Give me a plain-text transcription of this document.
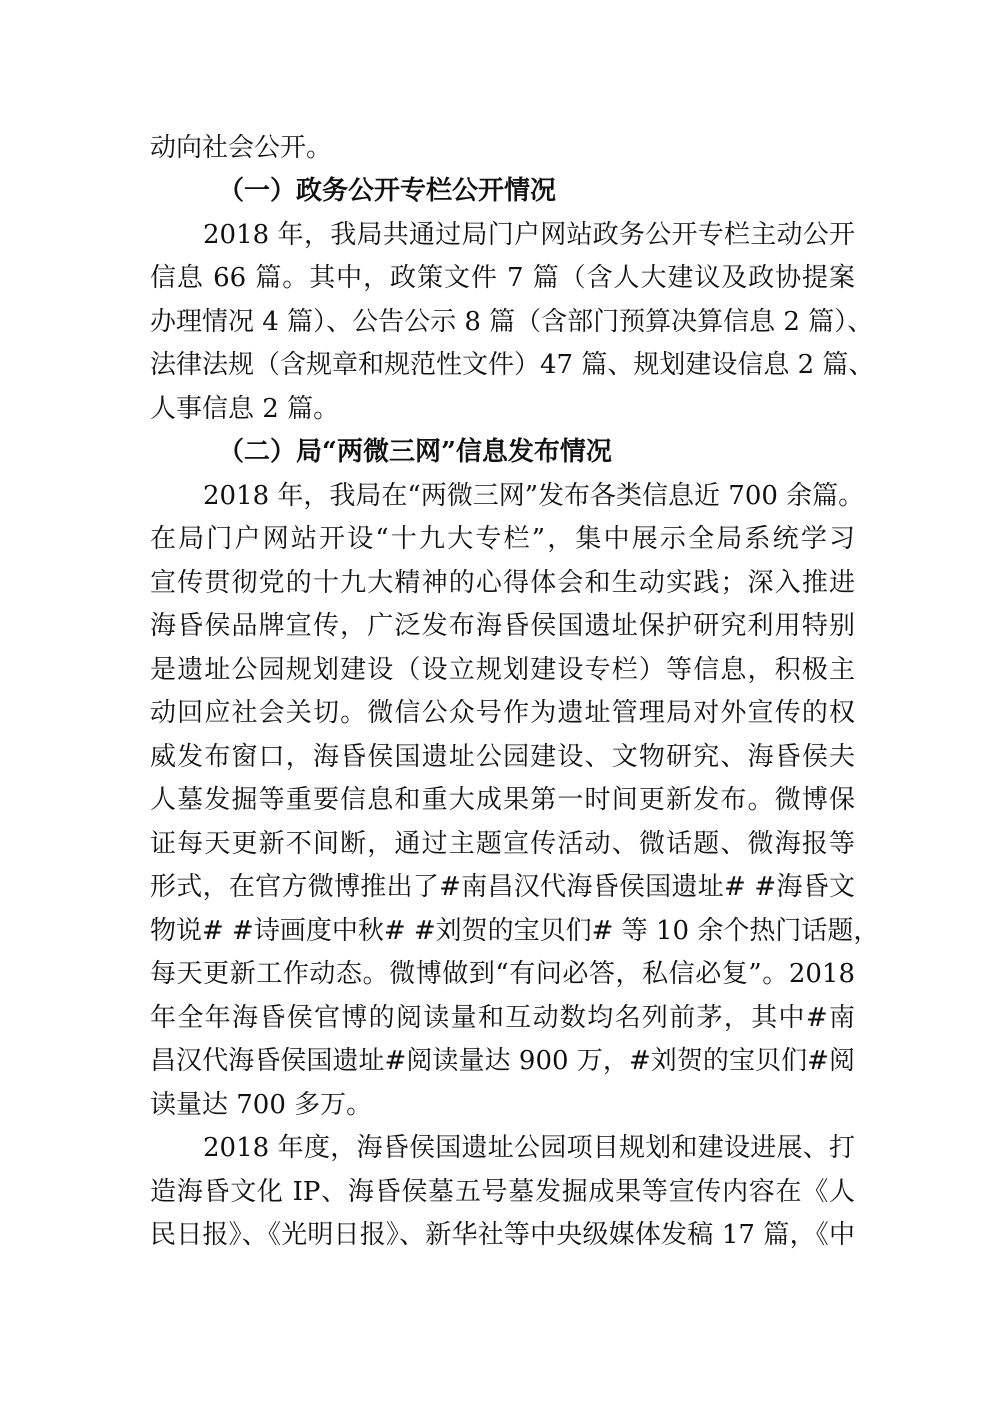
动向社会公开。
（一）政务公开专栏公开情况
2018 年，我局共通过局门户网站政务公开专栏主动公开
信息 66 篇。其中，政策文件 7 篇（含人大建议及政协提案
办理情况 4 篇）、公告公示 8 篇（含部门预算决算信息 2 篇）、
法律法规（含规章和规范性文件）47 篇、规划建设信息 2 篇、
人事信息 2 篇。
（二）局“两微三网”信息发布情况
2018 年，我局在“两微三网”发布各类信息近 700 余篇。
在局门户网站开设“十九大专栏”，集中展示全局系统学习
宣传贯彻党的十九大精神的心得体会和生动实践；深入推进
海昏侯品牌宣传，广泛发布海昏侯国遗址保护研究利用特别
是遗址公园规划建设（设立规划建设专栏）等信息，积极主
动回应社会关切。微信公众号作为遗址管理局对外宣传的权
威发布窗口，海昏侯国遗址公园建设、文物研究、海昏侯夫
人墓发掘等重要信息和重大成果第一时间更新发布。微博保
证每天更新不间断，通过主题宣传活动、微话题、微海报等
形式，在官方微博推出了#南昌汉代海昏侯国遗址# #海昏文
物说# #诗画度中秋# #刘贺的宝贝们# 等 10 余个热门话题，
每天更新工作动态。微博做到“有问必答，私信必复”。2018
年全年海昏侯官博的阅读量和互动数均名列前茅，其中#南
昌汉代海昏侯国遗址#阅读量达 900 万，#刘贺的宝贝们#阅
读量达 700 多万。
2018 年度，海昏侯国遗址公园项目规划和建设进展、打
造海昏文化 IP、海昏侯墓五号墓发掘成果等宣传内容在《人
民日报》、《光明日报》、新华社等中央级媒体发稿 17 篇，《中
